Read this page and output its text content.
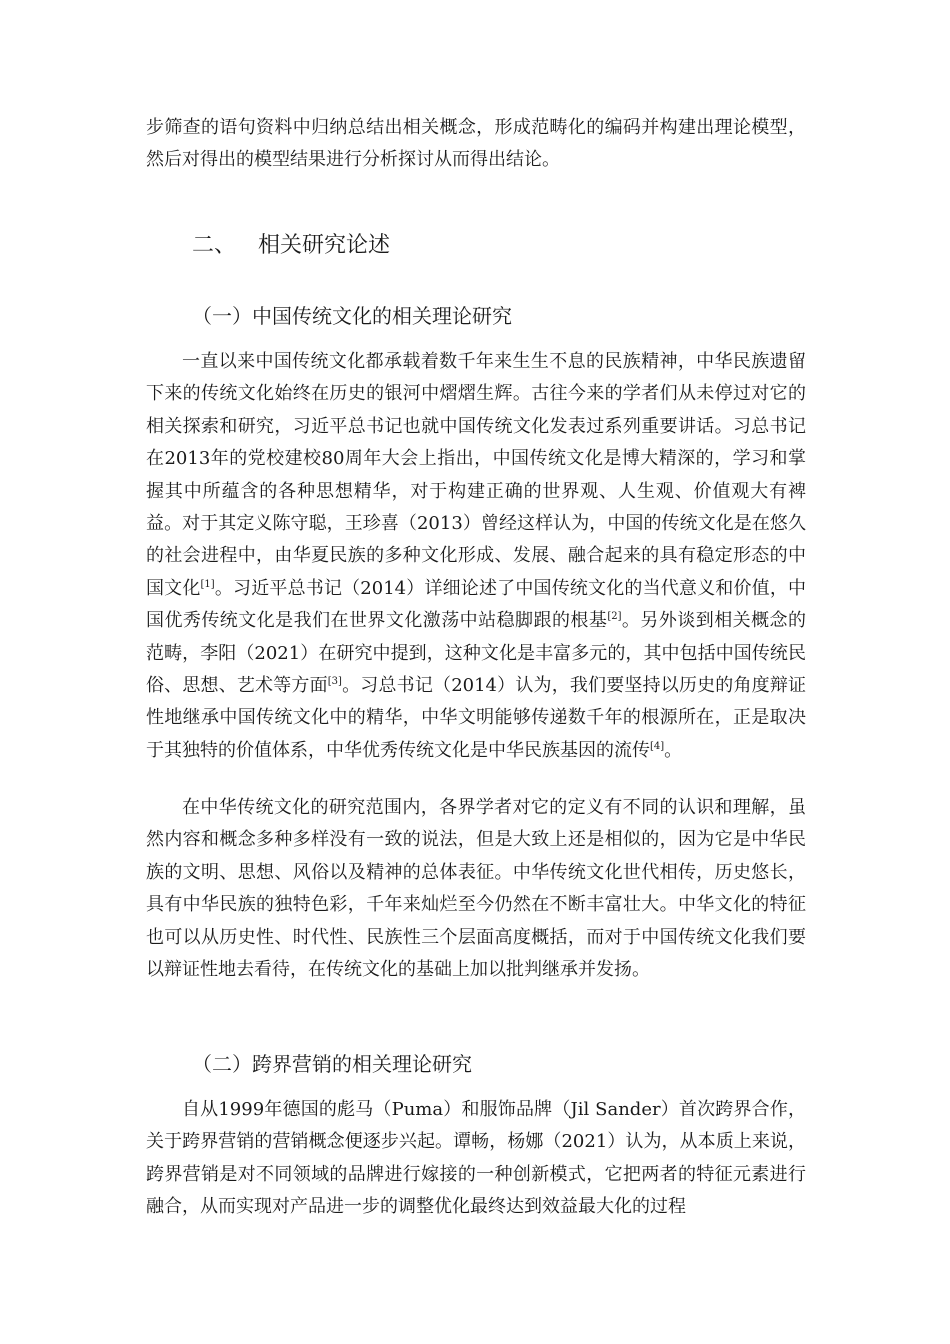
步筛查的语句资料中归纳总结出相关概念，形成范畴化的编码并构建出理论模型，然后对得出的模型结果进行分析探讨从而得出结论。

二、 相关研究论述
（一）中国传统文化的相关理论研究

一直以来中国传统文化都承载着数千年来生生不息的民族精神，中华民族遗留下来的传统文化始终在历史的银河中熠熠生辉。古往今来的学者们从未停过对它的相关探索和研究，习近平总书记也就中国传统文化发表过系列重要讲话。习总书记在2013年的党校建校80周年大会上指出，中国传统文化是博大精深的，学习和掌握其中所蕴含的各种思想精华，对于构建正确的世界观、人生观、价值观大有裨益。对于其定义陈守聪，王珍喜（2013）曾经这样认为，中国的传统文化是在悠久的社会进程中，由华夏民族的多种文化形成、发展、融合起来的具有稳定形态的中国文化[1]。习近平总书记（2014）详细论述了中国传统文化的当代意义和价值，中国优秀传统文化是我们在世界文化激荡中站稳脚跟的根基[2]。另外谈到相关概念的范畴，李阳（2021）在研究中提到，这种文化是丰富多元的，其中包括中国传统民俗、思想、艺术等方面[3]。习总书记（2014）认为，我们要坚持以历史的角度辩证性地继承中国传统文化中的精华，中华文明能够传递数千年的根源所在，正是取决于其独特的价值体系，中华优秀传统文化是中华民族基因的流传[4]。

在中华传统文化的研究范围内，各界学者对它的定义有不同的认识和理解，虽然内容和概念多种多样没有一致的说法，但是大致上还是相似的，因为它是中华民族的文明、思想、风俗以及精神的总体表征。中华传统文化世代相传，历史悠长，具有中华民族的独特色彩，千年来灿烂至今仍然在不断丰富壮大。中华文化的特征也可以从历史性、时代性、民族性三个层面高度概括，而对于中国传统文化我们要以辩证性地去看待，在传统文化的基础上加以批判继承并发扬。

（二）跨界营销的相关理论研究

自从1999年德国的彪马（Puma）和服饰品牌（Jil Sander）首次跨界合作，关于跨界营销的营销概念便逐步兴起。谭畅，杨娜（2021）认为，从本质上来说，跨界营销是对不同领域的品牌进行嫁接的一种创新模式，它把两者的特征元素进行融合，从而实现对产品进一步的调整优化最终达到效益最大化的过程
